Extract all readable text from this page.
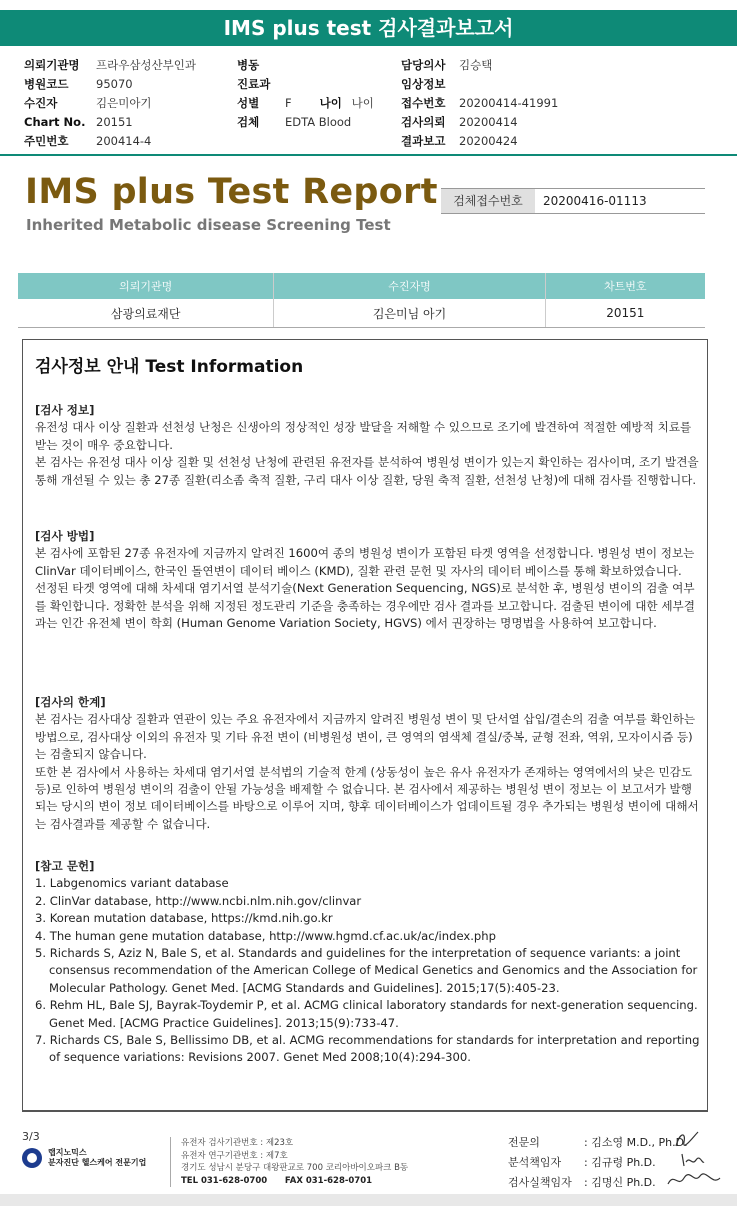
IMS plus test 검사결과보고서
의뢰기관명	프라우삼성산부인과
병원코드	95070
수진자	김은미아기
Chart No. 20151
주민번호	200414-4
병동
진료과
성별	F 나이 나이
검체	EDTA Blood
담당의사	김승택
임상정보
접수번호	20200414-41991
검사의뢰	20200414
결과보고	20200424
IMS plus Test Report
Inherited Metabolic disease Screening Test
검체접수번호	20200416-01113
의뢰기관명	수진자명	차트번호
삼광의료재단	김은미님 아기	20151
검사정보 안내 Test Information
[검사 정보]

유전성 대사 이상 질환과 선천성 난청은 신생아의 정상적인 성장 발달을 저해할 수 있으므로 조기에 발견하여 적절한 예방적 치료를 받는 것이 매우 중요합니다.

본 검사는 유전성 대사 이상 질환 및 선천성 난청에 관련된 유전자를 분석하여 병원성 변이가 있는지 확인하는 검사이며, 조기 발견을 통해 개선될 수 있는 총 27종 질환(리소좀 축적 질환, 구리 대사 이상 질환, 당원 축적 질환, 선천성 난청)에 대해 검사를 진행합니다.

[검사 방법]

본 검사에 포함된 27종 유전자에 지금까지 알려진 1600여 종의 병원성 변이가 포함된 타겟 영역을 선정합니다. 병원성 변이 정보는 ClinVar 데이터베이스, 한국인 돌연변이 데이터 베이스 (KMD), 질환 관련 문헌 및 자사의 데이터 베이스를 통해 확보하였습니다.

선정된 타겟 영역에 대해 차세대 염기서열 분석기술(Next Generation Sequencing, NGS)로 분석한 후, 병원성 변이의 검출 여부를 확인합니다. 정확한 분석을 위해 지정된 정도관리 기준을 충족하는 경우에만 검사 결과를 보고합니다. 검출된 변이에 대한 세부결과는 인간 유전체 변이 학회 (Human Genome Variation Society, HGVS) 에서 권장하는 명명법을 사용하여 보고합니다.

[검사의 한계]

본 검사는 검사대상 질환과 연관이 있는 주요 유전자에서 지금까지 알려진 병원성 변이 및 단서열 삽입/결손의 검출 여부를 확인하는 방법으로, 검사대상 이외의 유전자 및 기타 유전 변이 (비병원성 변이, 큰 영역의 염색체 결실/중복, 균형 전좌, 역위, 모자이시즘 등)는 검출되지 않습니다.

또한 본 검사에서 사용하는 차세대 염기서열 분석법의 기술적 한계 (상동성이 높은 유사 유전자가 존재하는 영역에서의 낮은 민감도 등)로 인하여 병원성 변이의 검출이 안될 가능성을 배제할 수 없습니다. 본 검사에서 제공하는 병원성 변이 정보는 이 보고서가 발행되는 당시의 변이 정보 데이터베이스를 바탕으로 이루어 지며, 향후 데이터베이스가 업데이트될 경우 추가되는 병원성 변이에 대해서는 검사결과를 제공할 수 없습니다.

[참고 문헌]
1. Labgenomics variant database
2. ClinVar database, http://www.ncbi.nlm.nih.gov/clinvar
3. Korean mutation database, https://kmd.nih.go.kr
4. The human gene mutation database, http://www.hgmd.cf.ac.uk/ac/index.php
5. Richards S, Aziz N, Bale S, et al. Standards and guidelines for the interpretation of sequence variants: a joint consensus recommendation of the American College of Medical Genetics and Genomics and the Association for Molecular Pathology. Genet Med. [ACMG Standards and Guidelines]. 2015;17(5):405-23.
6. Rehm HL, Bale SJ, Bayrak-Toydemir P, et al. ACMG clinical laboratory standards for next-generation sequencing. Genet Med. [ACMG Practice Guidelines]. 2013;15(9):733-47.
7. Richards CS, Bale S, Bellissimo DB, et al. ACMG recommendations for standards for interpretation and reporting of sequence variations: Revisions 2007. Genet Med 2008;10(4):294-300.
3/3
랩지노믹스
분자진단 헬스케어 전문기업
유전자 검사기관번호 : 제23호
유전자 연구기관번호 : 제7호
경기도 성남시 분당구 대왕판교로 700 코리아바이오파크 B동
TEL 031-628-0700      FAX 031-628-0701
전문의	: 김소영 M.D., Ph.D.
분석책임자	: 김규령 Ph.D.
검사실책임자	: 김명신 Ph.D.
